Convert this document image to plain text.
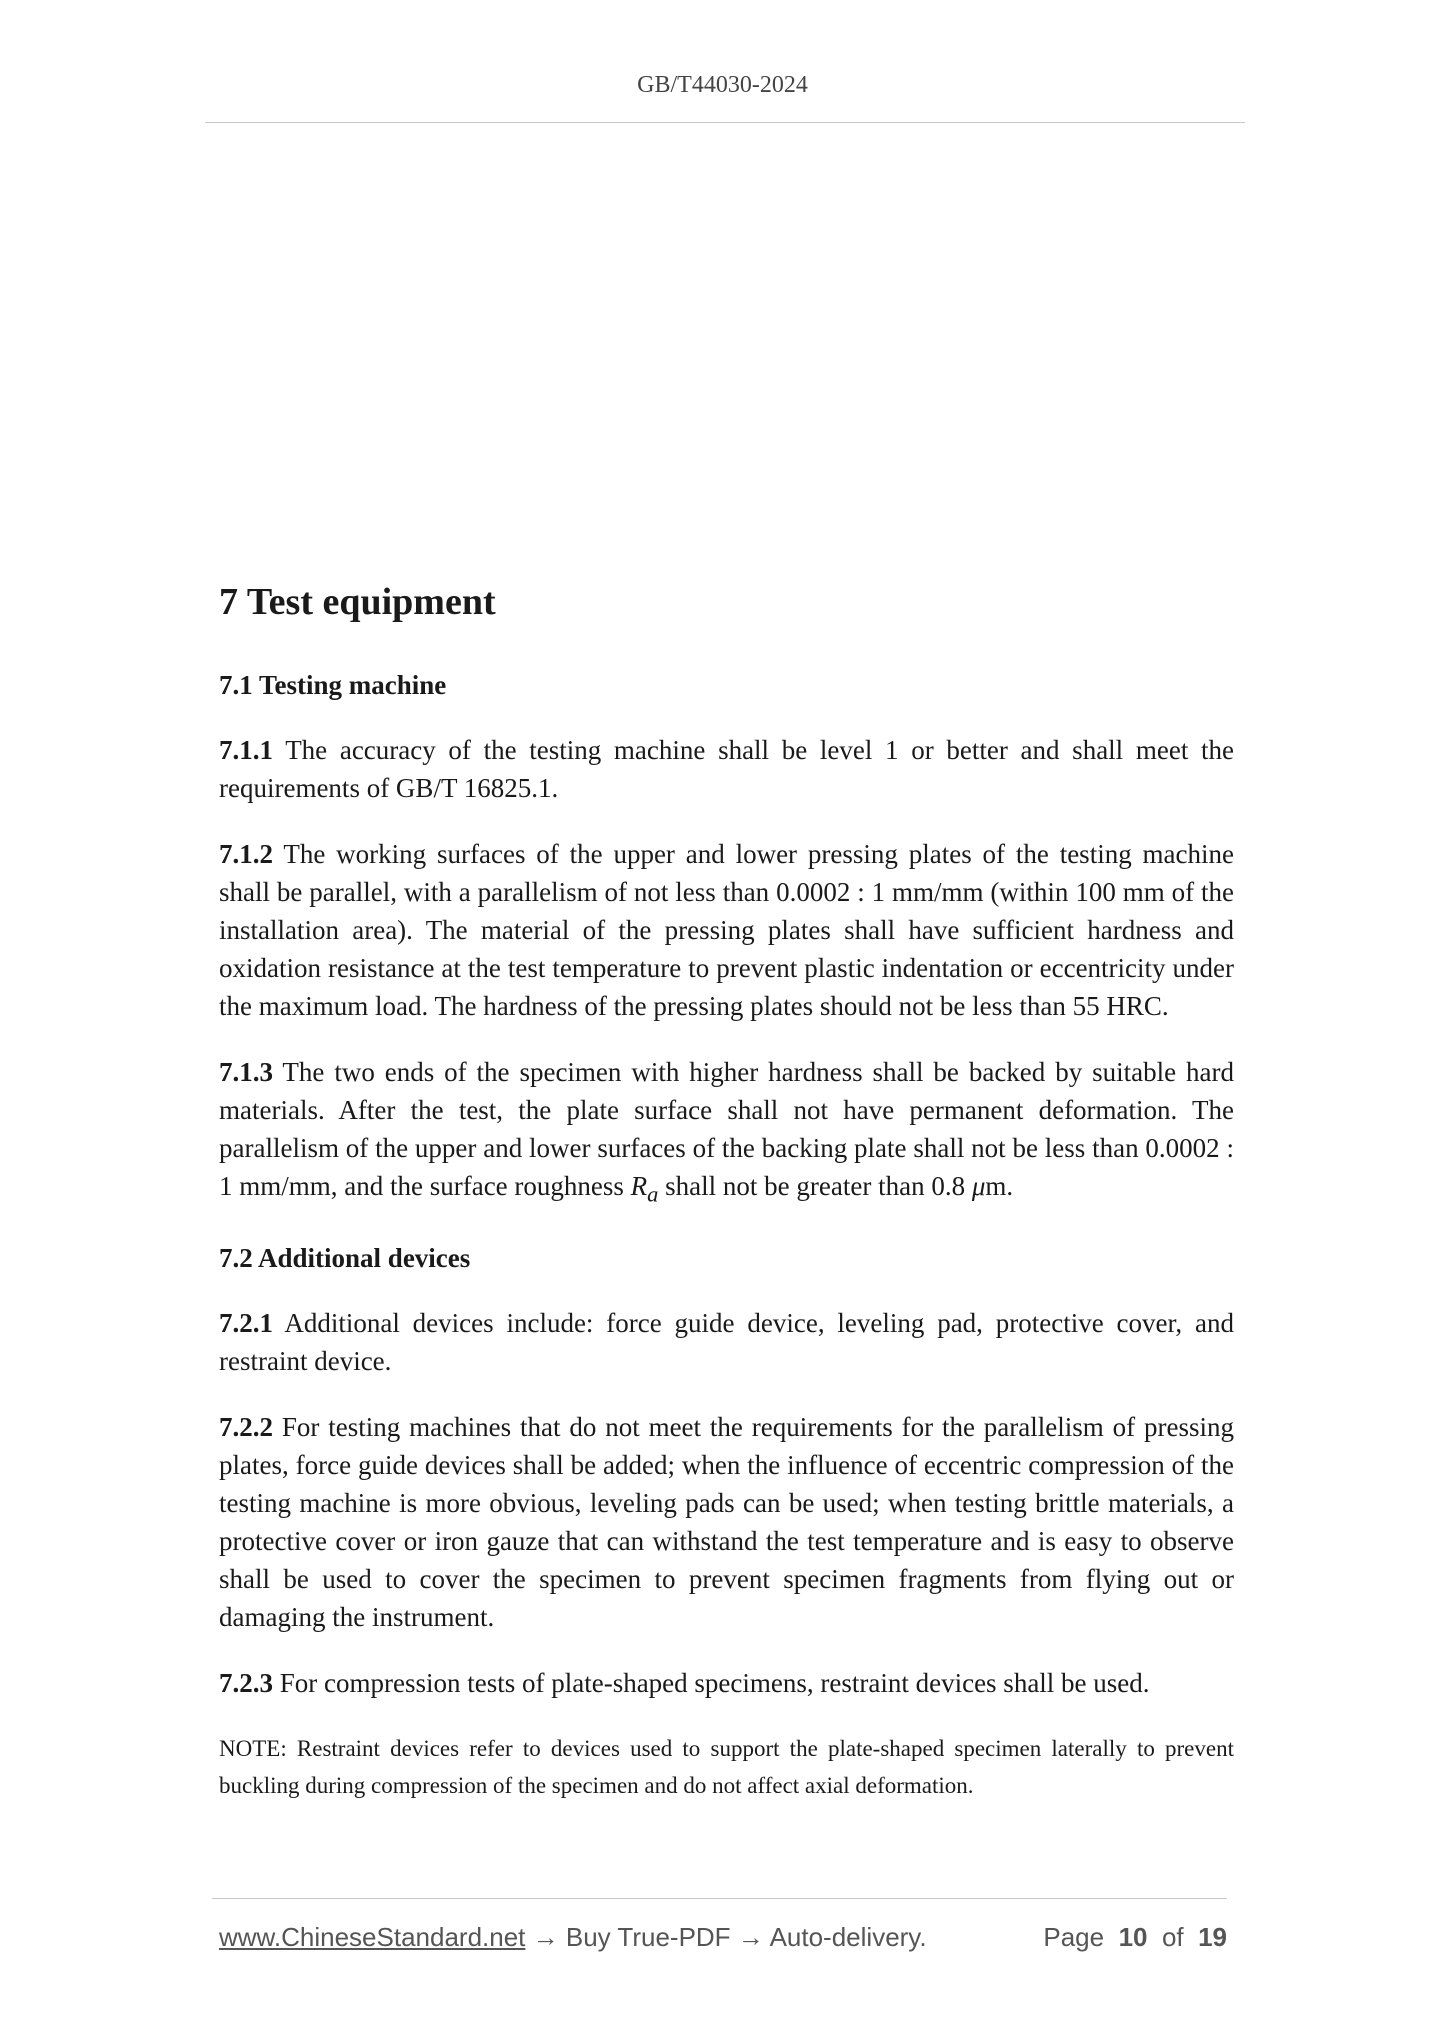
GB/T44030-2024
7 Test equipment
7.1 Testing machine

7.1.1 The accuracy of the testing machine shall be level 1 or better and shall meet the requirements of GB/T 16825.1.

7.1.2 The working surfaces of the upper and lower pressing plates of the testing machine shall be parallel, with a parallelism of not less than 0.0002 : 1 mm/mm (within 100 mm of the installation area). The material of the pressing plates shall have sufficient hardness and oxidation resistance at the test temperature to prevent plastic indentation or eccentricity under the maximum load. The hardness of the pressing plates should not be less than 55 HRC.

7.1.3 The two ends of the specimen with higher hardness shall be backed by suitable hard materials. After the test, the plate surface shall not have permanent deformation. The parallelism of the upper and lower surfaces of the backing plate shall not be less than 0.0002 : 1 mm/mm, and the surface roughness $R_a$ shall not be greater than 0.8 μm.

7.2 Additional devices

7.2.1 Additional devices include: force guide device, leveling pad, protective cover, and restraint device.

7.2.2 For testing machines that do not meet the requirements for the parallelism of pressing plates, force guide devices shall be added; when the influence of eccentric compression of the testing machine is more obvious, leveling pads can be used; when testing brittle materials, a protective cover or iron gauze that can withstand the test temperature and is easy to observe shall be used to cover the specimen to prevent specimen fragments from flying out or damaging the instrument.

7.2.3 For compression tests of plate-shaped specimens, restraint devices shall be used.

NOTE: Restraint devices refer to devices used to support the plate-shaped specimen laterally to prevent buckling during compression of the specimen and do not affect axial deformation.

www.ChineseStandard.net → Buy True-PDF → Auto-delivery.	Page 10 of 19
